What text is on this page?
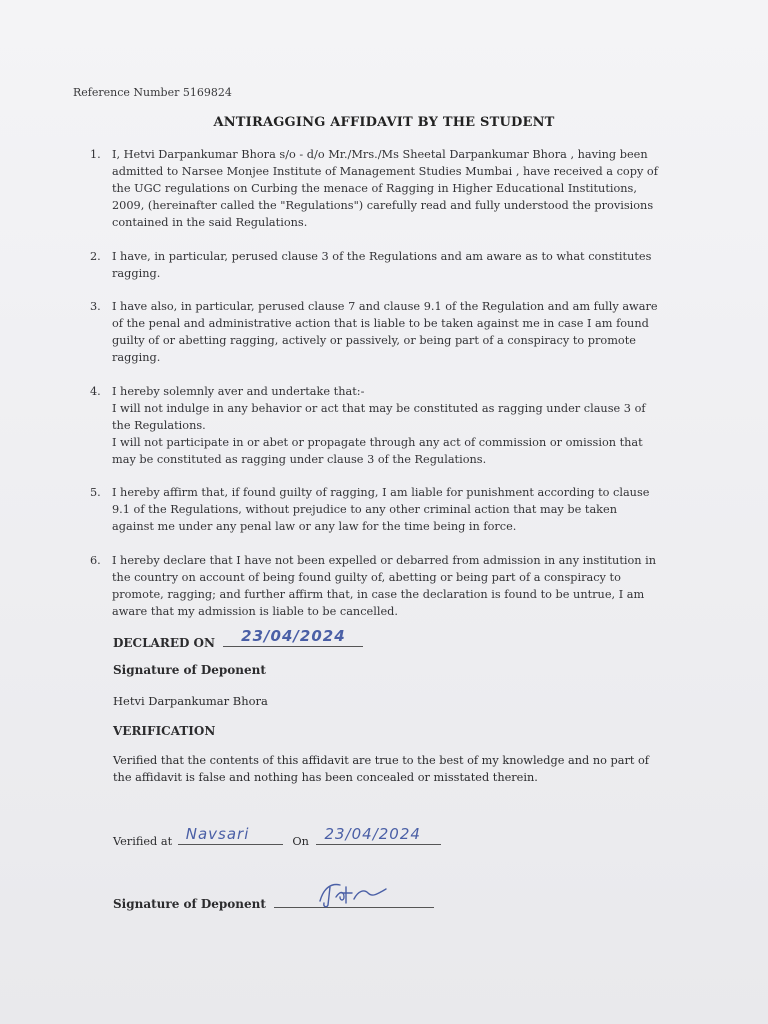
Reference Number 5169824
ANTIRAGGING AFFIDAVIT BY THE STUDENT
1. I, Hetvi Darpankumar Bhora s/o - d/o Mr./Mrs./Ms Sheetal Darpankumar Bhora , having been
admitted to Narsee Monjee Institute of Management Studies Mumbai , have received a copy of
the UGC regulations on Curbing the menace of Ragging in Higher Educational Institutions,
2009, (hereinafter called the "Regulations") carefully read and fully understood the provisions
contained in the said Regulations.
2. I have, in particular, perused clause 3 of the Regulations and am aware as to what constitutes
ragging.
3. I have also, in particular, perused clause 7 and clause 9.1 of the Regulation and am fully aware
of the penal and administrative action that is liable to be taken against me in case I am found
guilty of or abetting ragging, actively or passively, or being part of a conspiracy to promote
ragging.
4. I hereby solemnly aver and undertake that:-
I will not indulge in any behavior or act that may be constituted as ragging under clause 3 of
the Regulations.
I will not participate in or abet or propagate through any act of commission or omission that
may be constituted as ragging under clause 3 of the Regulations.
5. I hereby affirm that, if found guilty of ragging, I am liable for punishment according to clause
9.1 of the Regulations, without prejudice to any other criminal action that may be taken
against me under any penal law or any law for the time being in force.
6. I hereby declare that I have not been expelled or debarred from admission in any institution in
the country on account of being found guilty of, abetting or being part of a conspiracy to
promote, ragging; and further affirm that, in case the declaration is found to be untrue, I am
aware that my admission is liable to be cancelled.
DECLARED ON 23/04/2024
Signature of Deponent
Hetvi Darpankumar Bhora
VERIFICATION
Verified that the contents of this affidavit are true to the best of my knowledge and no part of
the affidavit is false and nothing has been concealed or misstated therein.
Verified at Navsari	On 23/04/2024
Signature of Deponent
